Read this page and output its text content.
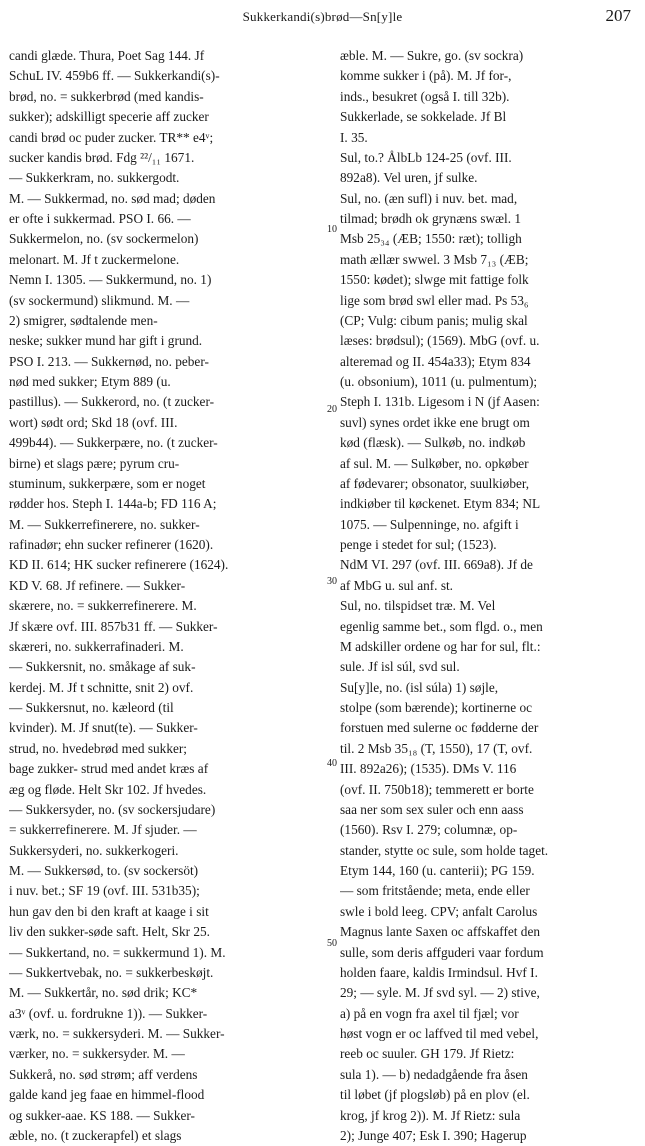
Sukkerkandi(s)brød—Sn[y]le	207
candi glæde. Thura, Poet Sag 144. Jf
SchuL IV. 459b6 ff. — Sukkerkandi(s)-
brød, no. = sukkerbrød (med kandis-
sukker); adskilligt specerie aff zucker
candi brød oc puder zucker. TR** e4ᵛ;
sucker kandis brød. Fdg ²²/₁₁ 1671.
— Sukkerkram, no. sukkergodt.
M. — Sukkermad, no. sød mad; døden
er ofte i sukkermad. PSO I. 66. —
Sukkermelon, no. (sv sockermelon)
melonart. M. Jf t zuckermelone.
Nemn I. 1305. — Sukkermund, no. 1)
(sv sockermund) slikmund. M. —
2) smigrer, sødtalende men-
neske; sukker mund har gift i grund.
PSO I. 213. — Sukkernød, no. peber-
nød med sukker; Etym 889 (u.
pastillus). — Sukkerord, no. (t zucker-
wort) sødt ord; Skd 18 (ovf. III.
499b44). — Sukkerpære, no. (t zucker-
birne) et slags pære; pyrum cru-
stuminum, sukkerpære, som er noget
rødder hos. Steph I. 144a-b; FD 116 A;
M. — Sukkerrefinerere, no. sukker-
rafinadør; ehn sucker refinerer (1620).
KD II. 614; HK sucker refinerere (1624).
KD V. 68. Jf refinere. — Sukker-
skærere, no. = sukkerrefinerere. M.
Jf skære ovf. III. 857b31 ff. — Sukker-
skæreri, no. sukkerrafinaderi. M.
— Sukkersnit, no. småkage af suk-
kerdej. M. Jf t schnitte, snit 2) ovf.
— Sukkersnut, no. kæleord (til
kvinder). M. Jf snut(te). — Sukker-
strud, no. hvedebrød med sukker;
bage zukker- strud med andet kræs af
æg og fløde. Helt Skr 102. Jf hvedes.
— Sukkersyder, no. (sv sockersjudare)
= sukkerrefinerere. M. Jf sjuder. —
Sukkersyderi, no. sukkerkogeri.
M. — Sukkersød, to. (sv sockersöt)
i nuv. bet.; SF 19 (ovf. III. 531b35);
hun gav den bi den kraft at kaage i sit
liv den sukker-søde saft. Helt, Skr 25.
— Sukkertand, no. = sukkermund 1). M.
— Sukkertvebak, no. = sukkerbeskøjt.
M. — Sukkertår, no. sød drik; KC*
a3ᵛ (ovf. u. fordrukne 1)). — Sukker-
værk, no. = sukkersyderi. M. — Sukker-
værker, no. = sukkersyder. M. —
Sukkerå, no. sød strøm; aff verdens
galde kand jeg faae en himmel-flood
og sukker-aae. KS 188. — Sukker-
æble, no. (t zuckerapfel) et slags
10
20
30
40
50
æble. M. — Sukre, go. (sv sockra)
komme sukker i (på). M. Jf for-,
inds., besukret (også I. till 32b).
Sukkerlade, se sokkelade. Jf Bl
I. 35.
Sul, to.? ÅlbLb 124-25 (ovf. III.
892a8). Vel uren, jf sulke.
Sul, no. (æn sufl) i nuv. bet. mad,
tilmad; brødh ok grynæns swæl. 1
Msb 25₃₄ (ÆB; 1550: ræt); tolligh
math ællær swwel. 3 Msb 7₁₃ (ÆB;
1550: kødet); slwge mit fattige folk
lige som brød swl eller mad. Ps 53₆
(CP; Vulg: cibum panis; mulig skal
læses: brødsul); (1569). MbG (ovf. u.
alteremad og II. 454a33); Etym 834
(u. obsonium), 1011 (u. pulmentum);
Steph I. 131b. Ligesom i N (jf Aasen:
suvl) synes ordet ikke ene brugt om
kød (flæsk). — Sulkøb, no. indkøb
af sul. M. — Sulkøber, no. opkøber
af fødevarer; obsonator, suulkiøber,
indkiøber til køckenet. Etym 834; NL
1075. — Sulpenninge, no. afgift i
penge i stedet for sul; (1523).
NdM VI. 297 (ovf. III. 669a8). Jf de
af MbG u. sul anf. st.
Sul, no. tilspidset træ. M. Vel
egenlig samme bet., som flgd. o., men
M adskiller ordene og har for sul, flt.:
sule. Jf isl súl, svd sul.
Su[y]le, no. (isl súla) 1) søjle,
stolpe (som bærende); kortinerne oc
forstuen med sulerne oc fødderne der
til. 2 Msb 35₁₈ (T, 1550), 17 (T, ovf.
III. 892a26); (1535). DMs V. 116
(ovf. II. 750b18); temmerett er borte
saa ner som sex suler och enn aass
(1560). Rsv I. 279; columnæ, op-
stander, stytte oc sule, som holde taget.
Etym 144, 160 (u. canterii); PG 159.
— som fritstående; meta, ende eller
swle i bold leeg. CPV; anfalt Carolus
Magnus lante Saxen oc affskaffet den
sulle, som deris affguderi vaar fordum
holden faare, kaldis Irmindsul. Hvf I.
29; — syle. M. Jf svd syl. — 2) stive,
a) på en vogn fra axel til fjæl; vor
høst vogn er oc laffved til med vebel,
reeb oc suuler. GH 179. Jf Rietz:
sula 1). — b) nedadgående fra åsen
til løbet (jf plogsløb) på en plov (el.
krog, jf krog 2)). M. Jf Rietz: sula
2); Junge 407; Esk I. 390; Hagerup
